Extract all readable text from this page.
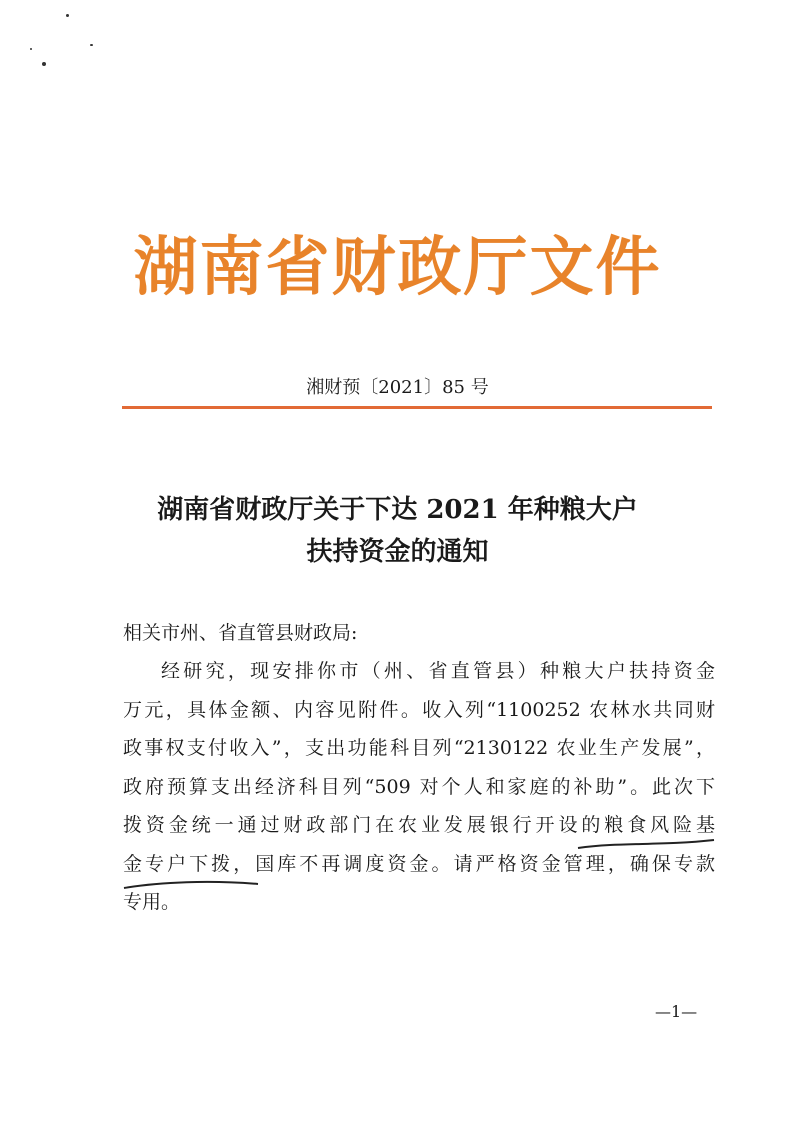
湖南省财政厅文件
湘财预〔2021〕85 号
湖南省财政厅关于下达 2021 年种粮大户
扶持资金的通知
相关市州、省直管县财政局:
经研究，现安排你市（州、省直管县）种粮大户扶持资金
万元，具体金额、内容见附件。收入列“1100252 农林水共同财
政事权支付收入”，支出功能科目列“2130122 农业生产发展”，
政府预算支出经济科目列“509 对个人和家庭的补助”。此次下
拨资金统一通过财政部门在农业发展银行开设的粮食风险基
金专户下拨，国库不再调度资金。请严格资金管理，确保专款
专用。
—1—
